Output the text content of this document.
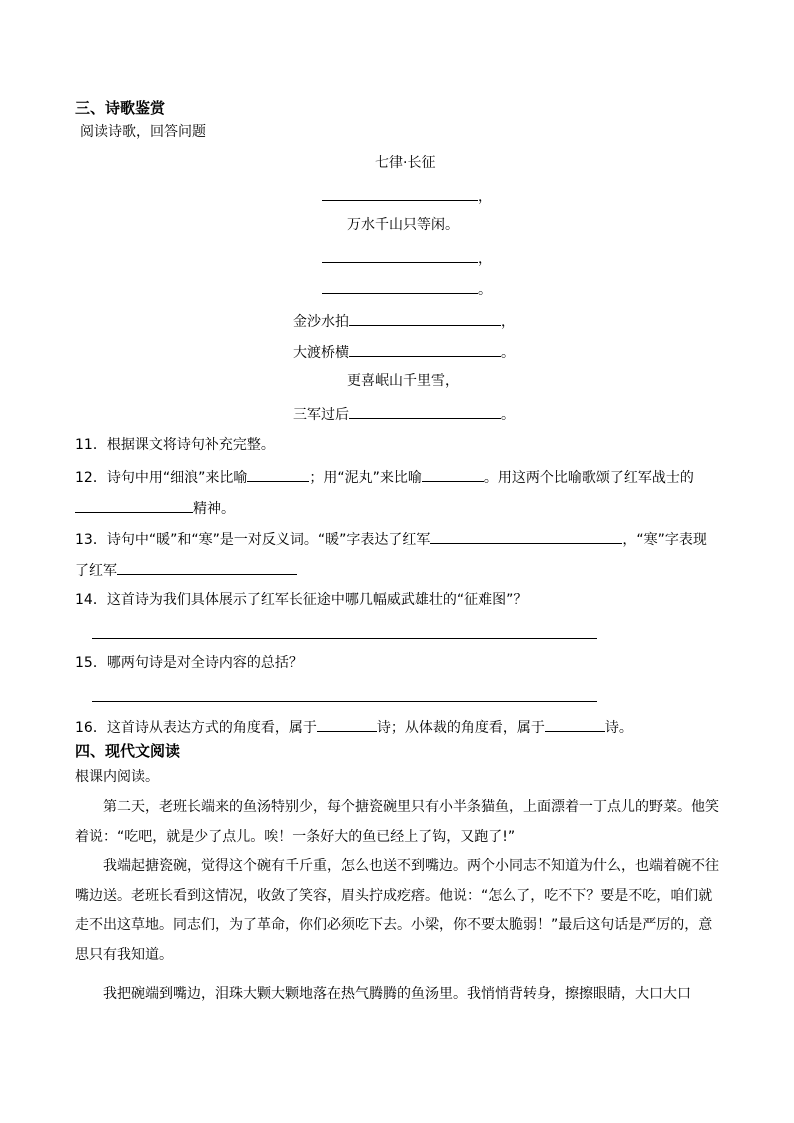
三、诗歌鉴赏
阅读诗歌，回答问题
七律·长征
，
万水千山只等闲。
，
。
金沙水拍	，
大渡桥横	。
更喜岷山千里雪，
三军过后	。
11．根据课文将诗句补充完整。
12．诗句中用“细浪”来比喻	；用“泥丸”来比喻	。用这两个比喻歌颂了红军战士的
精神。
13．诗句中“暖”和“寒”是一对反义词。“暖”字表达了红军	，“寒”字表现
了红军
14．这首诗为我们具体展示了红军长征途中哪几幅威武雄壮的“征难图”？
15．哪两句诗是对全诗内容的总括？
16．这首诗从表达方式的角度看，属于	诗；从体裁的角度看，属于	诗。
四、现代文阅读
根课内阅读。
第二天，老班长端来的鱼汤特别少，每个搪瓷碗里只有小半条猫鱼，上面漂着一丁点儿的野菜。他笑着说：“吃吧，就是少了点儿。唉！一条好大的鱼已经上了钩，又跑了!”
我端起搪瓷碗，觉得这个碗有千斤重，怎么也送不到嘴边。两个小同志不知道为什么，也端着碗不往嘴边送。老班长看到这情况，收敛了笑容，眉头拧成疙瘩。他说：“怎么了，吃不下？要是不吃，咱们就走不出这草地。同志们，为了革命，你们必须吃下去。小梁，你不要太脆弱！”最后这句话是严厉的，意思只有我知道。
我把碗端到嘴边，泪珠大颗大颗地落在热气腾腾的鱼汤里。我悄悄背转身，擦擦眼睛，大口大口
